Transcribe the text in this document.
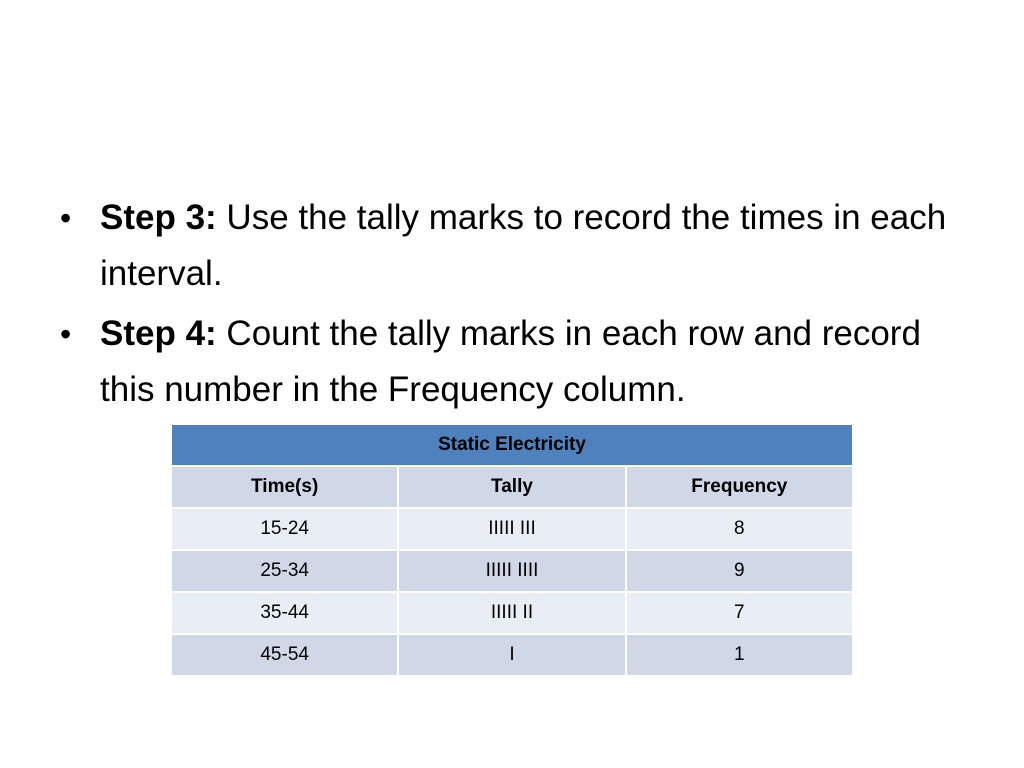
• Step 3: Use the tally marks to record the times in each interval.
• Step 4: Count the tally marks in each row and record this number in the Frequency column.
Static Electricity		
Time(s)	Tally	Frequency
15-24	IIIII III	8
25-34	IIIII IIII	9
35-44	IIIII II	7
45-54	I	1
